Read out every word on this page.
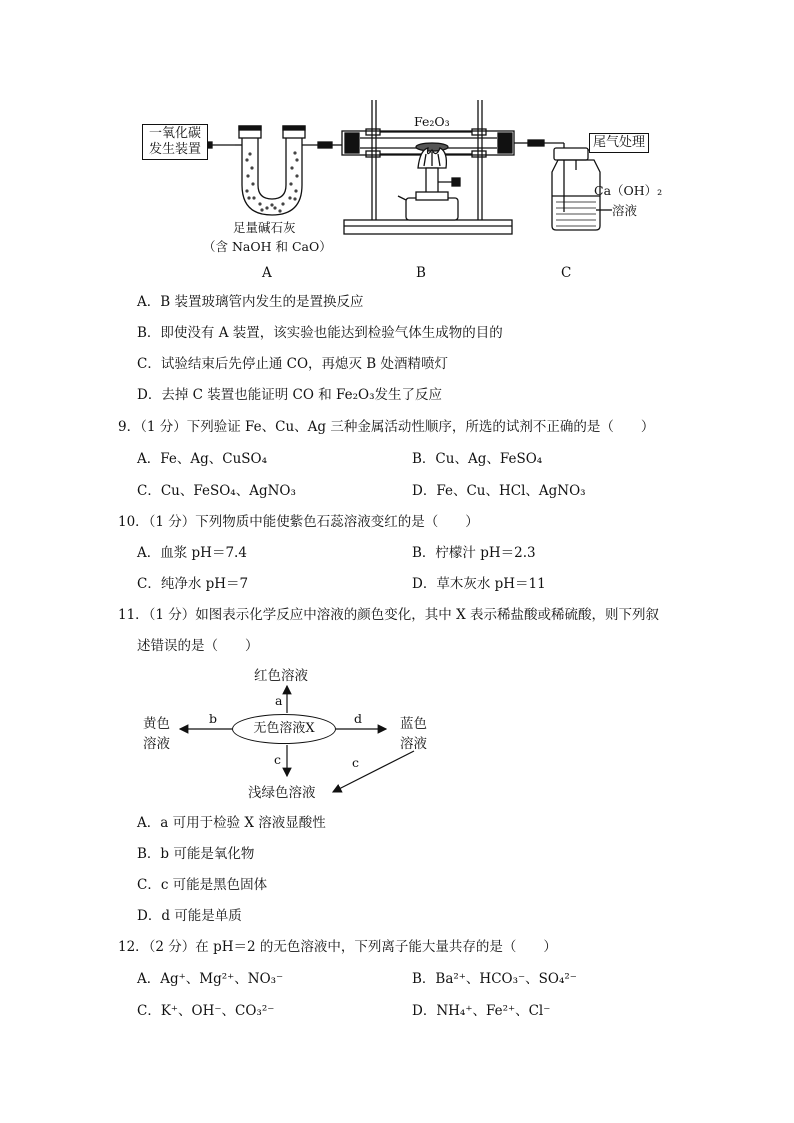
一氧化碳
发生装置
Fe₂O₃
尾气处理
Ca（OH）₂
溶液
足量碱石灰
（含 NaOH 和 CaO）
A	B	C
A．B 装置玻璃管内发生的是置换反应
B．即使没有 A 装置，该实验也能达到检验气体生成物的目的
C．试验结束后先停止通 CO，再熄灭 B 处酒精喷灯
D．去掉 C 装置也能证明 CO 和 Fe₂O₃发生了反应
9．（1 分）下列验证 Fe、Cu、Ag 三种金属活动性顺序，所选的试剂不正确的是（　　）
A．Fe、Ag、CuSO₄	B．Cu、Ag、FeSO₄
C．Cu、FeSO₄、AgNO₃	D．Fe、Cu、HCl、AgNO₃
10．（1 分）下列物质中能使紫色石蕊溶液变红的是（　　）
A．血浆 pH＝7.4	B．柠檬汁 pH＝2.3
C．纯净水 pH＝7	D．草木灰水 pH＝11
11．（1 分）如图表示化学反应中溶液的颜色变化，其中 X 表示稀盐酸或稀硫酸，则下列叙
述错误的是（　　）
无色溶液X
红色溶液
黄色
溶液
蓝色
溶液
浅绿色溶液
a
b	d
c	c
A．a 可用于检验 X 溶液显酸性
B．b 可能是氧化物
C．c 可能是黑色固体
D．d 可能是单质
12．（2 分）在 pH＝2 的无色溶液中，下列离子能大量共存的是（　　）
A．Ag⁺、Mg²⁺、NO₃⁻	B．Ba²⁺、HCO₃⁻、SO₄²⁻
C．K⁺、OH⁻、CO₃²⁻	D．NH₄⁺、Fe²⁺、Cl⁻
